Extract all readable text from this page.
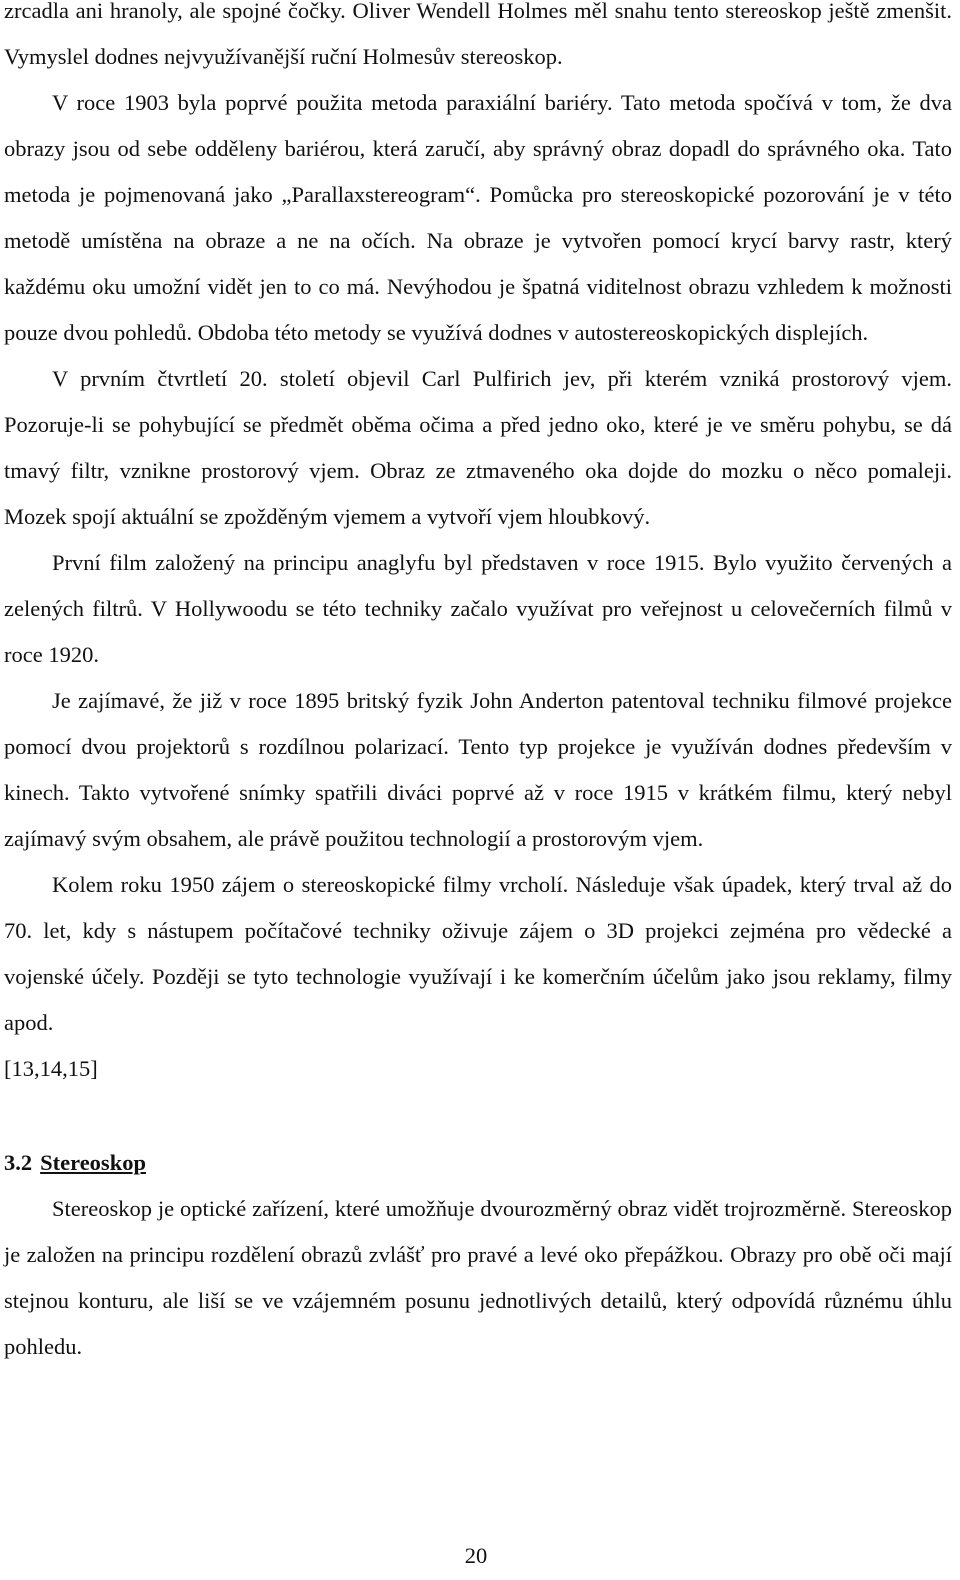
zrcadla ani hranoly, ale spojné čočky. Oliver Wendell Holmes měl snahu tento stereoskop ještě zmenšit. Vymyslel dodnes nejvyužívanější ruční Holmesův stereoskop.

V roce 1903 byla poprvé použita metoda paraxiální bariéry. Tato metoda spočívá v tom, že dva obrazy jsou od sebe odděleny bariérou, která zaručí, aby správný obraz dopadl do správného oka. Tato metoda je pojmenovaná jako „Parallaxstereogram“. Pomůcka pro stereoskopické pozorování je v této metodě umístěna na obraze a ne na očích. Na obraze je vytvořen pomocí krycí barvy rastr, který každému oku umožní vidět jen to co má. Nevýhodou je špatná viditelnost obrazu vzhledem k možnosti pouze dvou pohledů. Obdoba této metody se využívá dodnes v autostereoskopických displejích.

V prvním čtvrtletí 20. století objevil Carl Pulfirich jev, při kterém vzniká prostorový vjem. Pozoruje-li se pohybující se předmět oběma očima a před jedno oko, které je ve směru pohybu, se dá tmavý filtr, vznikne prostorový vjem. Obraz ze ztmaveného oka dojde do mozku o něco pomaleji. Mozek spojí aktuální se zpožděným vjemem a vytvoří vjem hloubkový.

První film založený na principu anaglyfu byl představen v roce 1915. Bylo využito červených a zelených filtrů. V Hollywoodu se této techniky začalo využívat pro veřejnost u celovečerních filmů v roce 1920.

Je zajímavé, že již v roce 1895 britský fyzik John Anderton patentoval techniku filmové projekce pomocí dvou projektorů s rozdílnou polarizací. Tento typ projekce je využíván dodnes především v kinech. Takto vytvořené snímky spatřili diváci poprvé až v roce 1915 v krátkém filmu, který nebyl zajímavý svým obsahem, ale právě použitou technologií a prostorovým vjem.

Kolem roku 1950 zájem o stereoskopické filmy vrcholí. Následuje však úpadek, který trval až do 70. let, kdy s nástupem počítačové techniky oživuje zájem o 3D projekci zejména pro vědecké a vojenské účely. Později se tyto technologie využívají i ke komerčním účelům jako jsou reklamy, filmy apod.

[13,14,15]

3.2 Stereoskop

Stereoskop je optické zařízení, které umožňuje dvourozměrný obraz vidět trojrozměrně. Stereoskop je založen na principu rozdělení obrazů zvlášť pro pravé a levé oko přepážkou. Obrazy pro obě oči mají stejnou konturu, ale liší se ve vzájemném posunu jednotlivých detailů, který odpovídá různému úhlu pohledu.

20
